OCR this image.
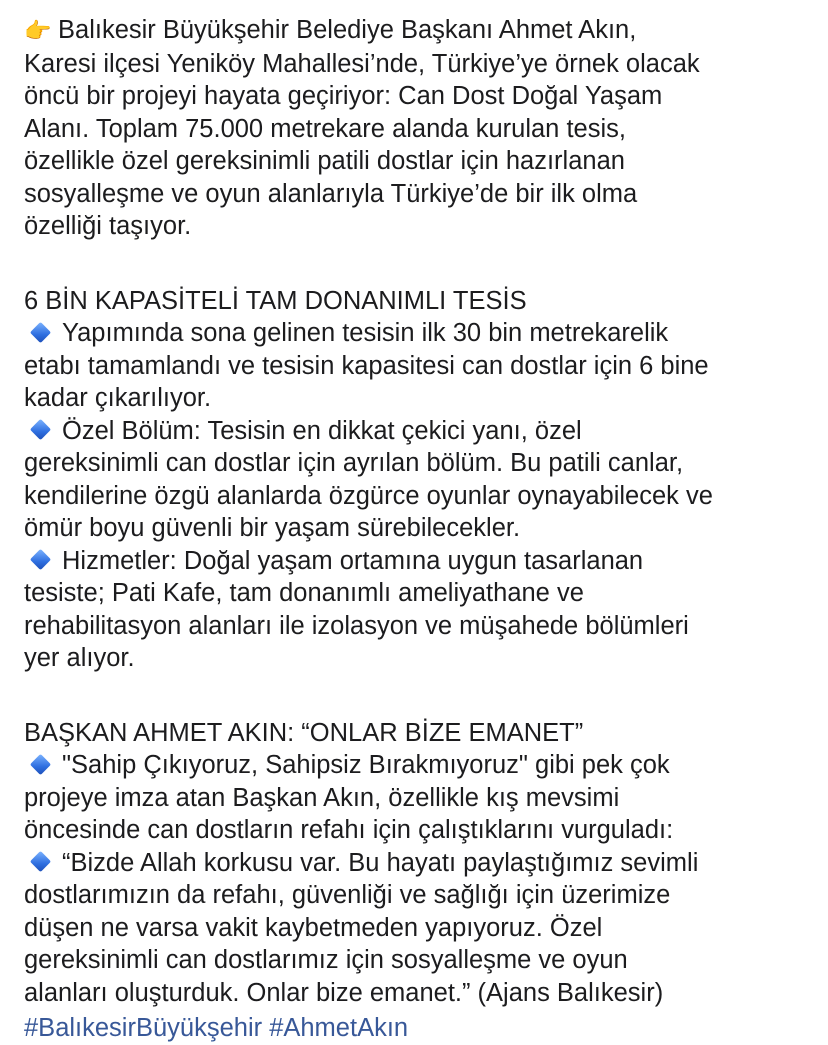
👉 Balıkesir Büyükşehir Belediye Başkanı Ahmet Akın,
Karesi ilçesi Yeniköy Mahallesi’nde, Türkiye’ye örnek olacak
öncü bir projeyi hayata geçiriyor: Can Dost Doğal Yaşam
Alanı. Toplam 75.000 metrekare alanda kurulan tesis,
özellikle özel gereksinimli patili dostlar için hazırlanan
sosyalleşme ve oyun alanlarıyla Türkiye’de bir ilk olma
özelliği taşıyor.

6 BİN KAPASİTELİ TAM DONANIMLI TESİS
Yapımında sona gelinen tesisin ilk 30 bin metrekarelik
etabı tamamlandı ve tesisin kapasitesi can dostlar için 6 bine
kadar çıkarılıyor.
Özel Bölüm: Tesisin en dikkat çekici yanı, özel
gereksinimli can dostlar için ayrılan bölüm. Bu patili canlar,
kendilerine özgü alanlarda özgürce oyunlar oynayabilecek ve
ömür boyu güvenli bir yaşam sürebilecekler.
Hizmetler: Doğal yaşam ortamına uygun tasarlanan
tesiste; Pati Kafe, tam donanımlı ameliyathane ve
rehabilitasyon alanları ile izolasyon ve müşahede bölümleri
yer alıyor.
BAŞKAN AHMET AKIN: “ONLAR BİZE EMANET”
"Sahip Çıkıyoruz, Sahipsiz Bırakmıyoruz" gibi pek çok
projeye imza atan Başkan Akın, özellikle kış mevsimi
öncesinde can dostların refahı için çalıştıklarını vurguladı:
“Bizde Allah korkusu var. Bu hayatı paylaştığımız sevimli
dostlarımızın da refahı, güvenliği ve sağlığı için üzerimize
düşen ne varsa vakit kaybetmeden yapıyoruz. Özel
gereksinimli can dostlarımız için sosyalleşme ve oyun
alanları oluşturduk. Onlar bize emanet.” (Ajans Balıkesir)
#BalıkesirBüyükşehir #AhmetAkın
